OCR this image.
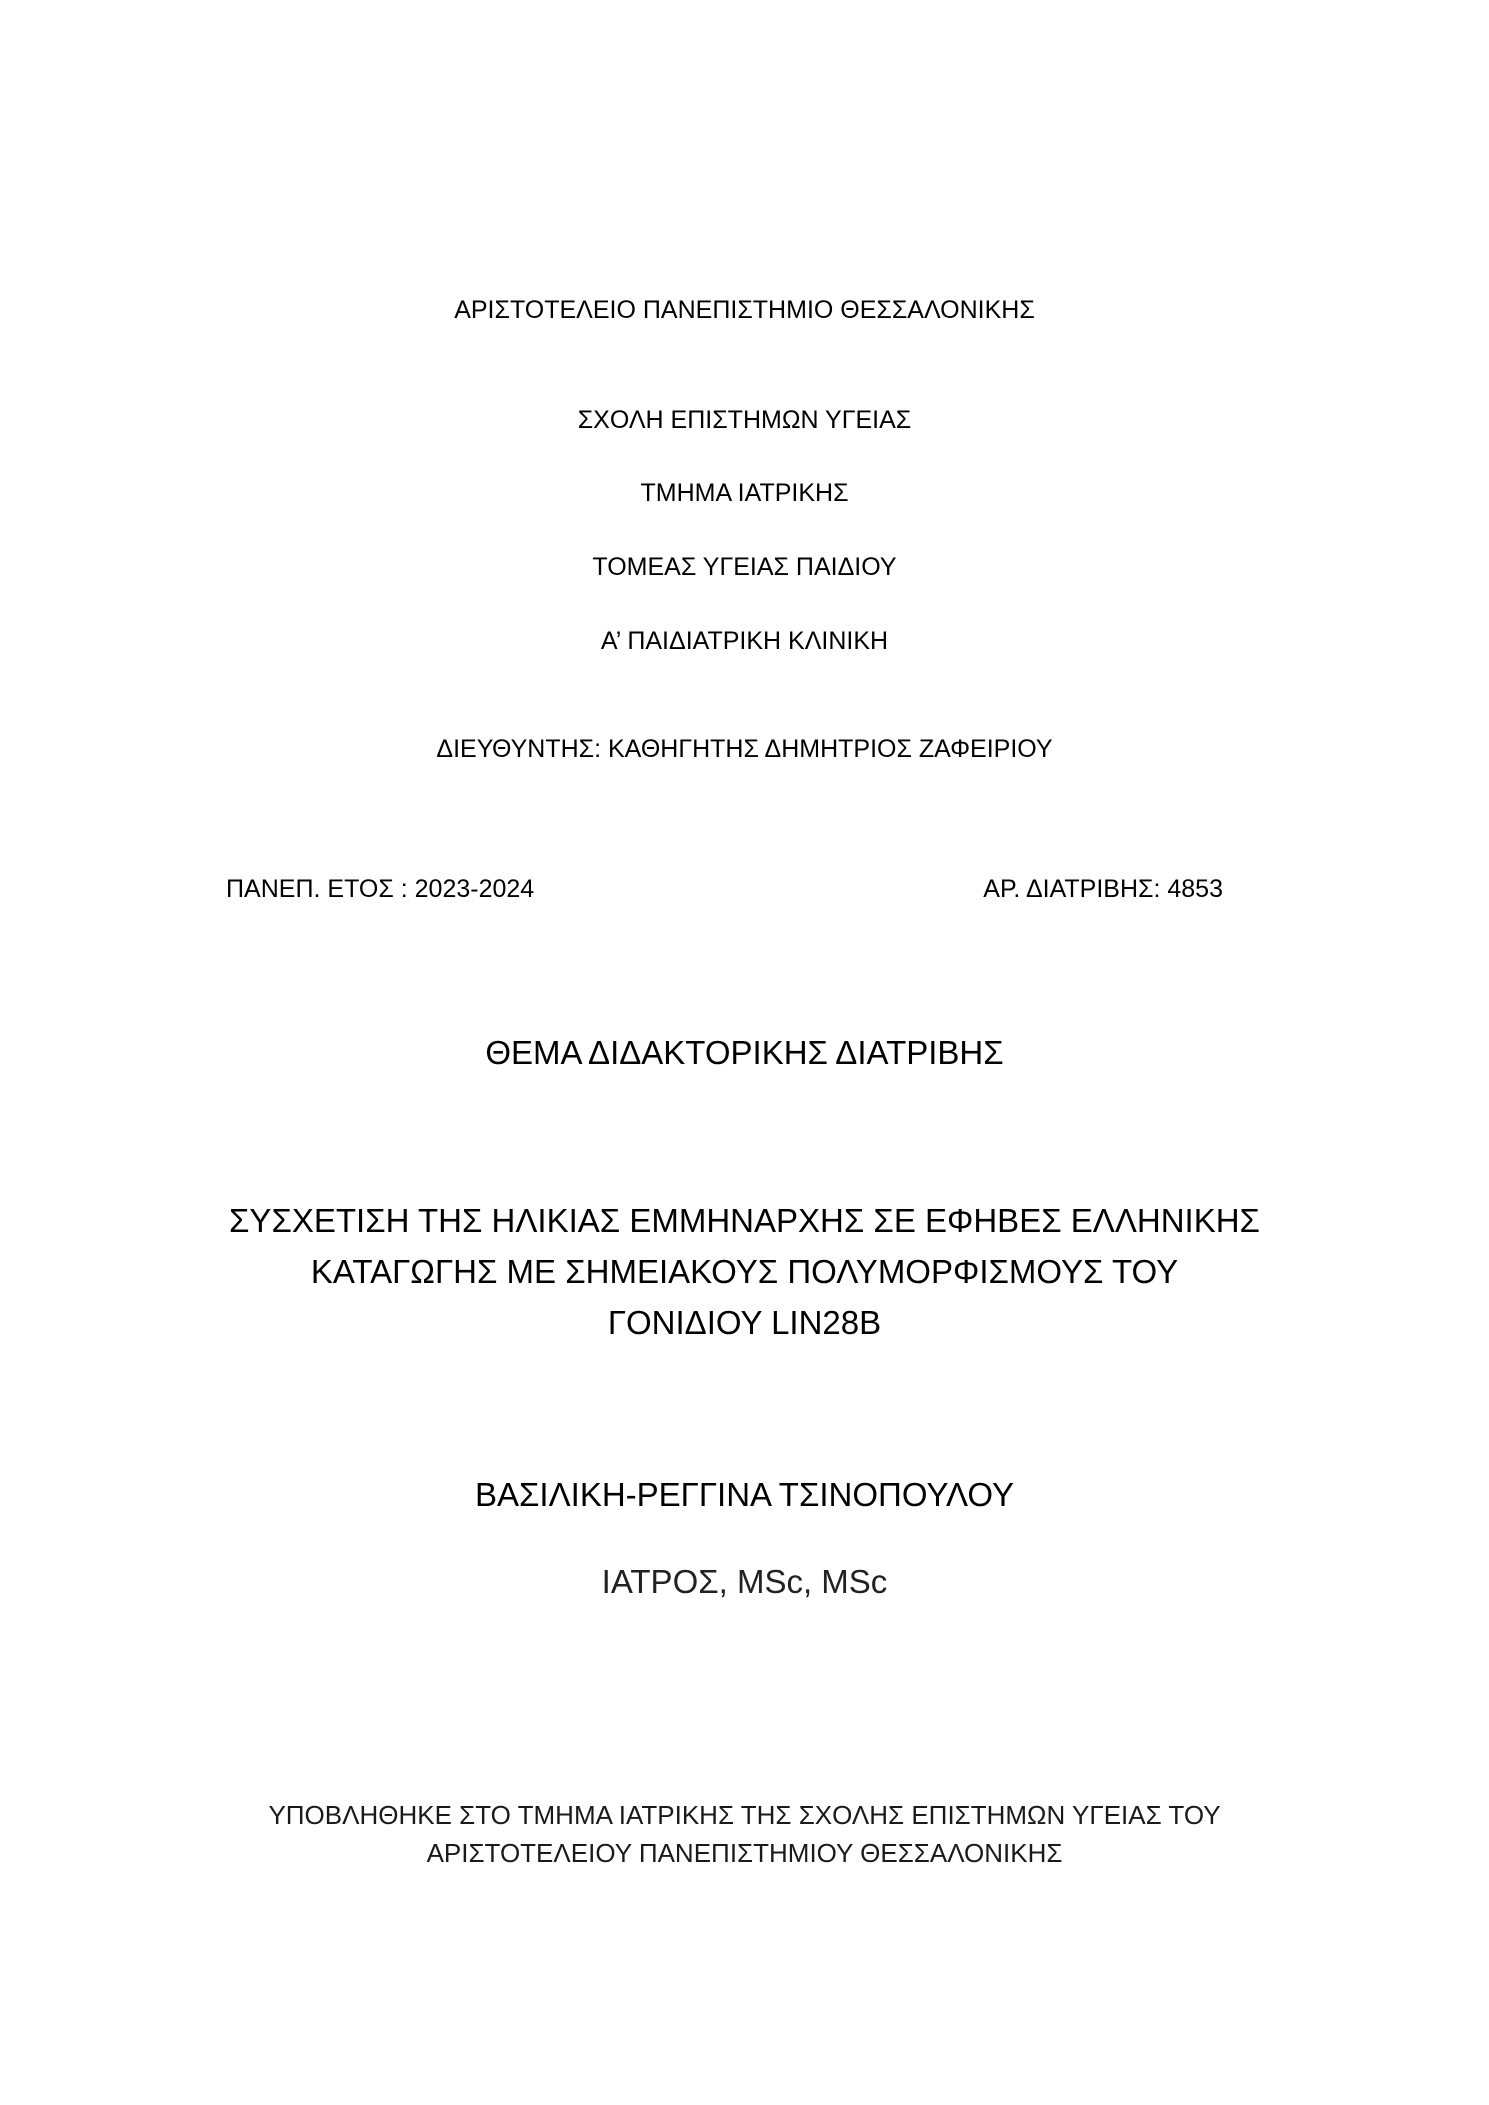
ΑΡΙΣΤΟΤΕΛΕΙΟ ΠΑΝΕΠΙΣΤΗΜΙΟ ΘΕΣΣΑΛΟΝΙΚΗΣ
ΣΧΟΛΗ ΕΠΙΣΤΗΜΩΝ ΥΓΕΙΑΣ
ΤΜΗΜΑ ΙΑΤΡΙΚΗΣ
ΤΟΜΕΑΣ ΥΓΕΙΑΣ ΠΑΙΔΙΟΥ
Α’ ΠΑΙΔΙΑΤΡΙΚΗ ΚΛΙΝΙΚΗ
ΔΙΕΥΘΥΝΤΗΣ: ΚΑΘΗΓΗΤΗΣ ΔΗΜΗΤΡΙΟΣ ΖΑΦΕΙΡΙΟΥ
ΠΑΝΕΠ. ΕΤΟΣ : 2023-2024	ΑΡ. ΔΙΑΤΡΙΒΗΣ: 4853
ΘΕΜΑ ΔΙΔΑΚΤΟΡΙΚΗΣ ΔΙΑΤΡΙΒΗΣ
ΣΥΣΧΕΤΙΣΗ ΤΗΣ ΗΛΙΚΙΑΣ ΕΜΜΗΝΑΡΧΗΣ ΣΕ ΕΦΗΒΕΣ ΕΛΛΗΝΙΚΗΣ
ΚΑΤΑΓΩΓΗΣ ΜΕ ΣΗΜΕΙΑΚΟΥΣ ΠΟΛΥΜΟΡΦΙΣΜΟΥΣ ΤΟΥ
ΓΟΝΙΔΙΟΥ LIN28B
ΒΑΣΙΛΙΚΗ-ΡΕΓΓΙΝΑ ΤΣΙΝΟΠΟΥΛΟΥ
ΙΑΤΡΟΣ, MSc, MSc
ΥΠΟΒΛΗΘΗΚΕ ΣΤΟ ΤΜΗΜΑ ΙΑΤΡΙΚΗΣ ΤΗΣ ΣΧΟΛΗΣ ΕΠΙΣΤΗΜΩΝ ΥΓΕΙΑΣ ΤΟΥ
ΑΡΙΣΤΟΤΕΛΕΙΟΥ ΠΑΝΕΠΙΣΤΗΜΙΟΥ ΘΕΣΣΑΛΟΝΙΚΗΣ
